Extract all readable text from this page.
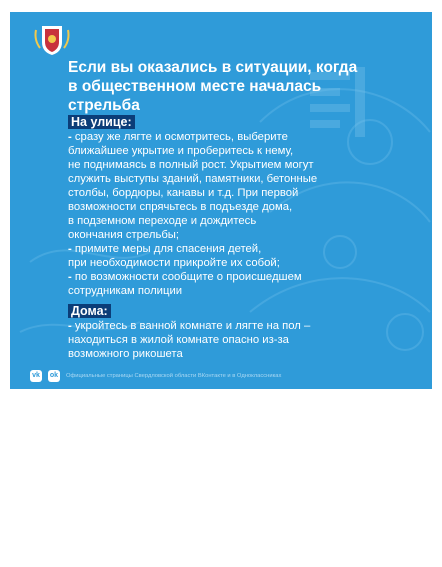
Если вы оказались в ситуации, когда в общественном месте началась стрельба
На улице:
- сразу же лягте и осмотритесь, выберите
ближайшее укрытие и проберитесь к нему,
не поднимаясь в полный рост. Укрытием могут
служить выступы зданий, памятники, бетонные
столбы, бордюры, канавы и т.д. При первой
возможности спрячьтесь в подъезде дома,
в подземном переходе и дождитесь
окончания стрельбы;
- примите меры для спасения детей,
при необходимости прикройте их собой;
- по возможности сообщите о происшедшем
сотрудникам полиции
Дома:
- укройтесь в ванной комнате и лягте на пол –
находиться в жилой комнате опасно из-за
возможного рикошета
vk	ok	Официальные страницы Свердловской области ВКонтакте и в Одноклассниках
